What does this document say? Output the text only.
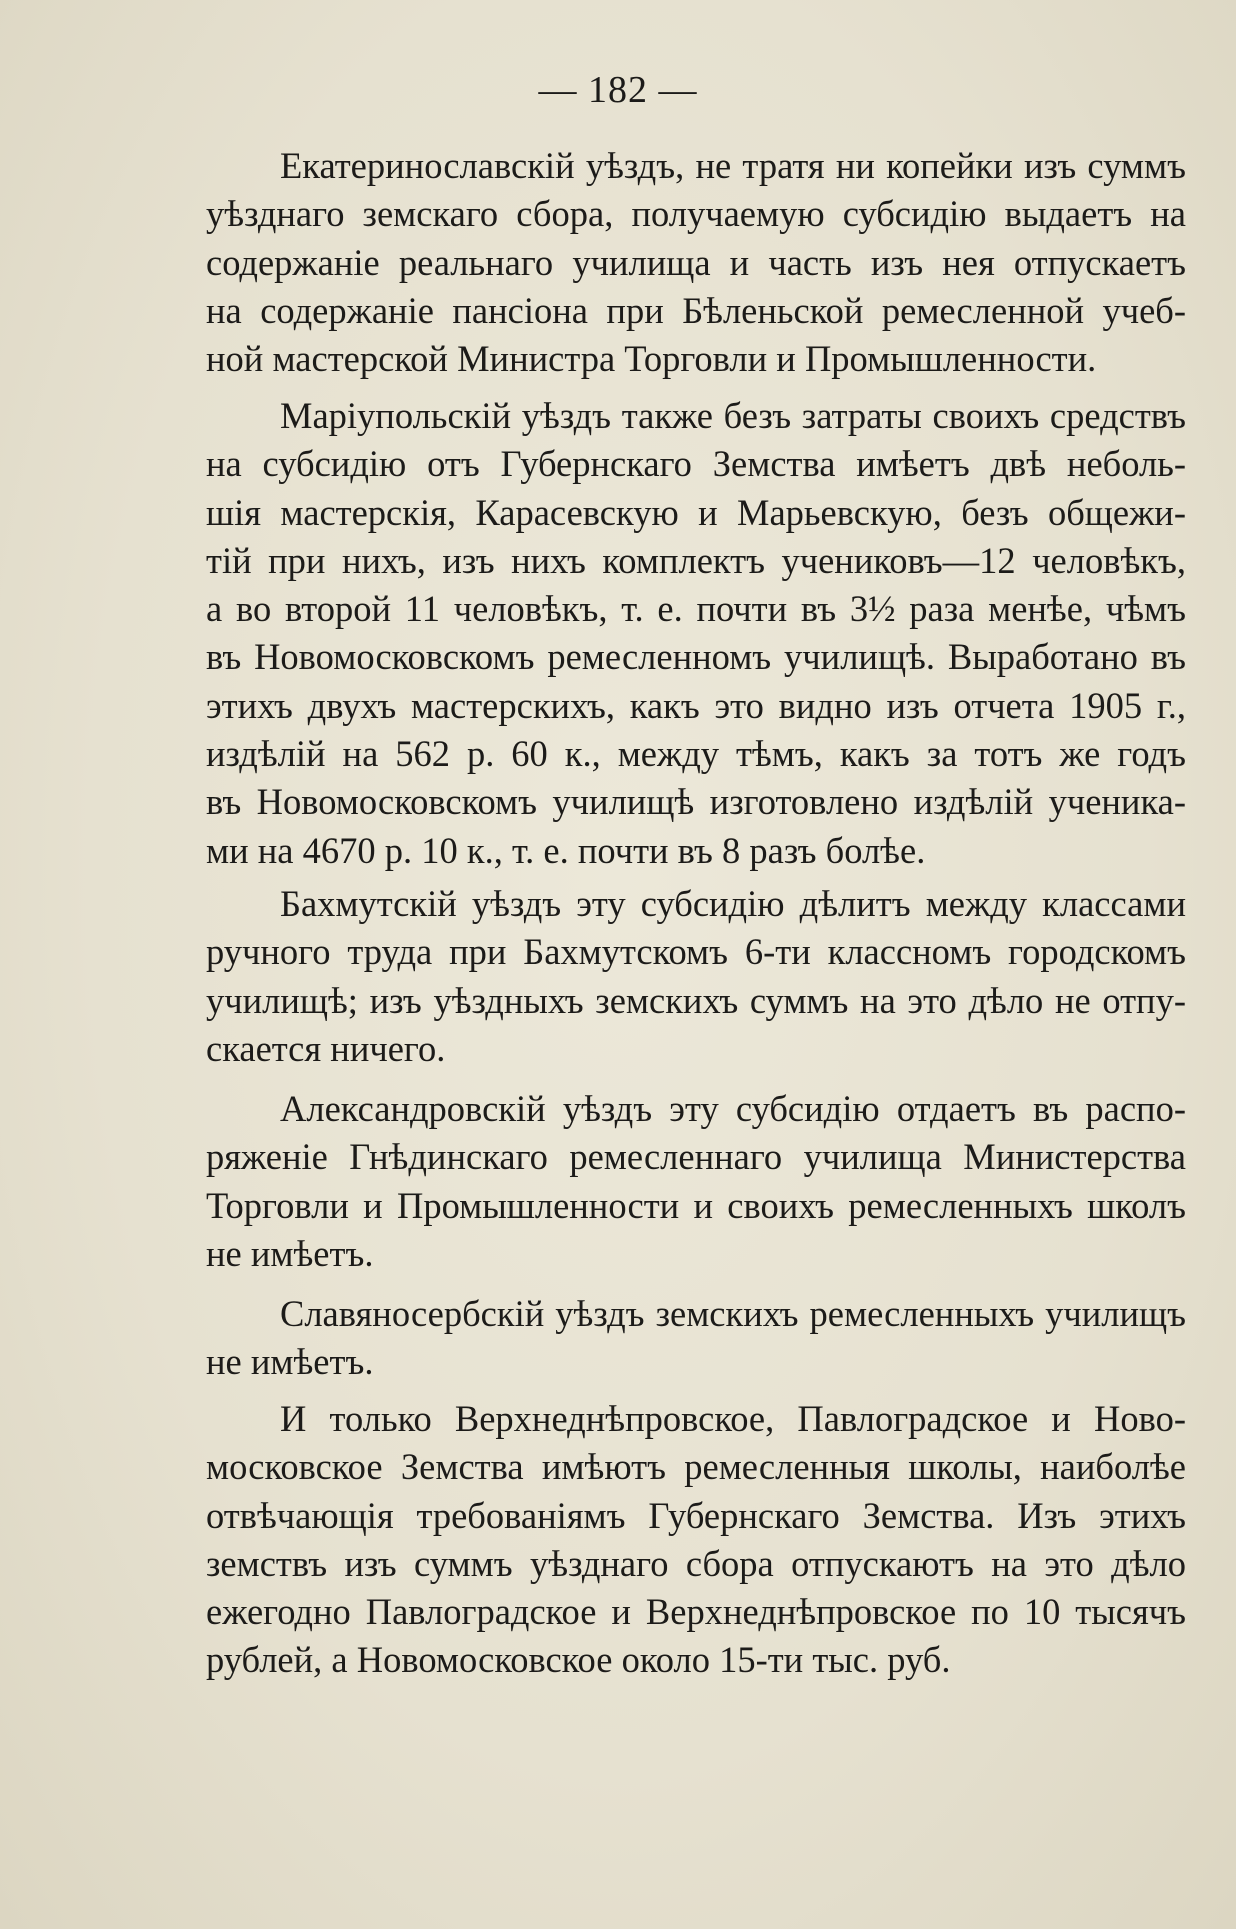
— 182 —

Екатеринославскій уѣздъ, не тратя ни копейки изъ суммъ
уѣзднаго земскаго сбора, получаемую субсидію выдаетъ на
содержаніе реальнаго училища и часть изъ нея отпускаетъ
на содержаніе пансіона при Бѣленьской ремесленной учеб-
ной мастерской Министра Торговли и Промышленности.

Маріупольскій уѣздъ также безъ затраты своихъ средствъ
на субсидію отъ Губернскаго Земства имѣетъ двѣ неболь-
шія мастерскія, Карасевскую и Марьевскую, безъ общежи-
тій при нихъ, изъ нихъ комплектъ учениковъ—12 человѣкъ,
а во второй 11 человѣкъ, т. е. почти въ 3½ раза менѣе, чѣмъ
въ Новомосковскомъ ремесленномъ училищѣ. Выработано въ
этихъ двухъ мастерскихъ, какъ это видно изъ отчета 1905 г.,
издѣлій на 562 р. 60 к., между тѣмъ, какъ за тотъ же годъ
въ Новомосковскомъ училищѣ изготовлено издѣлій ученика-
ми на 4670 р. 10 к., т. е. почти въ 8 разъ болѣе.

Бахмутскій уѣздъ эту субсидію дѣлитъ между классами
ручного труда при Бахмутскомъ 6-ти классномъ городскомъ
училищѣ; изъ уѣздныхъ земскихъ суммъ на это дѣло не отпу-
скается ничего.

Александровскій уѣздъ эту субсидію отдаетъ въ распо-
ряженіе Гнѣдинскаго ремесленнаго училища Министерства
Торговли и Промышленности и своихъ ремесленныхъ школъ
не имѣетъ.

Славяносербскій уѣздъ земскихъ ремесленныхъ училищъ
не имѣетъ.

И только Верхнеднѣпровское, Павлоградское и Ново-
московское Земства имѣютъ ремесленныя школы, наиболѣе
отвѣчающія требованіямъ Губернскаго Земства. Изъ этихъ
земствъ изъ суммъ уѣзднаго сбора отпускаютъ на это дѣло
ежегодно Павлоградское и Верхнеднѣпровское по 10 тысячъ
рублей, а Новомосковское около 15-ти тыс. руб.
